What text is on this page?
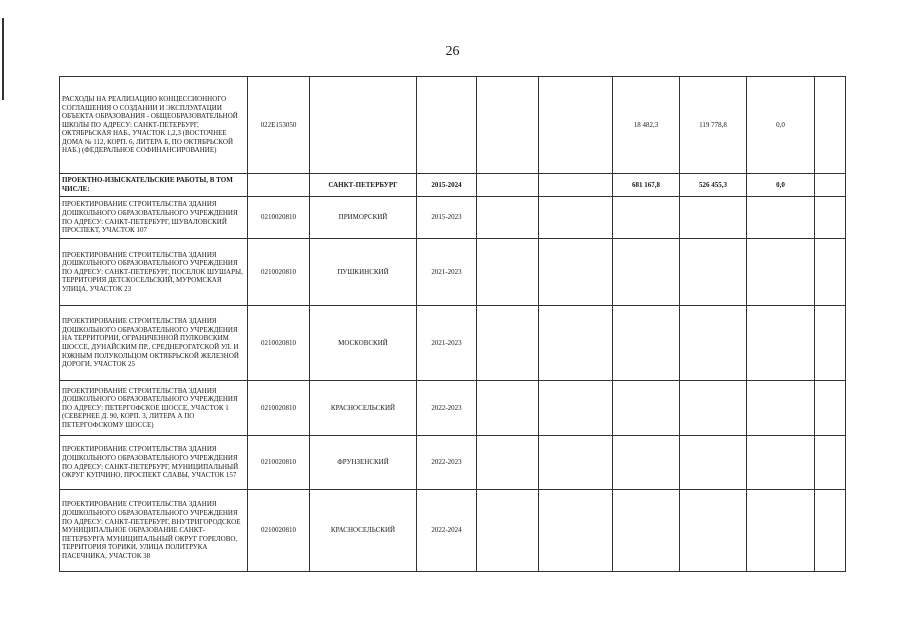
26
РАСХОДЫ НА РЕАЛИЗАЦИЮ КОНЦЕССИОННОГО СОГЛАШЕНИЯ О СОЗДАНИИ И ЭКСПЛУАТАЦИИ ОБЪЕКТА ОБРАЗОВАНИЯ - ОБЩЕОБРАЗОВАТЕЛЬНОЙ ШКОЛЫ ПО АДРЕСУ: САНКТ-ПЕТЕРБУРГ, ОКТЯБРЬСКАЯ НАБ., УЧАСТОК 1,2,3 (ВОСТОЧНЕЕ ДОМА № 112, КОРП. 6, ЛИТЕРА Б, ПО ОКТЯБРЬСКОЙ НАБ.) (ФЕДЕРАЛЬНОЕ СОФИНАНСИРОВАНИЕ)	022E153050					18 482,3	119 778,8	0,0	
ПРОЕКТНО-ИЗЫСКАТЕЛЬСКИЕ РАБОТЫ, В ТОМ ЧИСЛЕ:		САНКТ-ПЕТЕРБУРГ	2015-2024			681 167,8	526 455,3	0,0	
ПРОЕКТИРОВАНИЕ СТРОИТЕЛЬСТВА ЗДАНИЯ ДОШКОЛЬНОГО ОБРАЗОВАТЕЛЬНОГО УЧРЕЖДЕНИЯ ПО АДРЕСУ: САНКТ-ПЕТЕРБУРГ, ШУВАЛОВСКИЙ ПРОСПЕКТ, УЧАСТОК 107	0210020810	ПРИМОРСКИЙ	2015-2023						
ПРОЕКТИРОВАНИЕ СТРОИТЕЛЬСТВА ЗДАНИЯ ДОШКОЛЬНОГО ОБРАЗОВАТЕЛЬНОГО УЧРЕЖДЕНИЯ ПО АДРЕСУ: САНКТ-ПЕТЕРБУРГ, ПОСЕЛОК ШУШАРЫ, ТЕРРИТОРИЯ ДЕТСКОСЕЛЬСКИЙ, МУРОМСКАЯ УЛИЦА, УЧАСТОК 23	0210020810	ПУШКИНСКИЙ	2021-2023						
ПРОЕКТИРОВАНИЕ СТРОИТЕЛЬСТВА ЗДАНИЯ ДОШКОЛЬНОГО ОБРАЗОВАТЕЛЬНОГО УЧРЕЖДЕНИЯ НА ТЕРРИТОРИИ, ОГРАНИЧЕННОЙ ПУЛКОВСКИМ ШОССЕ, ДУНАЙСКИМ ПР., СРЕДНЕРОГАТСКОЙ УЛ. И ЮЖНЫМ ПОЛУКОЛЬЦОМ ОКТЯБРЬСКОЙ ЖЕЛЕЗНОЙ ДОРОГИ, УЧАСТОК 25	0210020810	МОСКОВСКИЙ	2021-2023						
ПРОЕКТИРОВАНИЕ СТРОИТЕЛЬСТВА ЗДАНИЯ ДОШКОЛЬНОГО ОБРАЗОВАТЕЛЬНОГО УЧРЕЖДЕНИЯ ПО АДРЕСУ: ПЕТЕРГОФСКОЕ ШОССЕ, УЧАСТОК 1 (СЕВЕРНЕЕ Д. 90, КОРП. 3, ЛИТЕРА А ПО ПЕТЕРГОФСКОМУ ШОССЕ)	0210020810	КРАСНОСЕЛЬСКИЙ	2022-2023						
ПРОЕКТИРОВАНИЕ СТРОИТЕЛЬСТВА ЗДАНИЯ ДОШКОЛЬНОГО ОБРАЗОВАТЕЛЬНОГО УЧРЕЖДЕНИЯ ПО АДРЕСУ: САНКТ-ПЕТЕРБУРГ, МУНИЦИПАЛЬНЫЙ ОКРУГ КУПЧИНО, ПРОСПЕКТ СЛАВЫ, УЧАСТОК 157	0210020810	ФРУНЗЕНСКИЙ	2022-2023						
ПРОЕКТИРОВАНИЕ СТРОИТЕЛЬСТВА ЗДАНИЯ ДОШКОЛЬНОГО ОБРАЗОВАТЕЛЬНОГО УЧРЕЖДЕНИЯ ПО АДРЕСУ: САНКТ-ПЕТЕРБУРГ, ВНУТРИГОРОДСКОЕ МУНИЦИПАЛЬНОЕ ОБРАЗОВАНИЕ САНКТ-ПЕТЕРБУРГА МУНИЦИПАЛЬНЫЙ ОКРУГ ГОРЕЛОВО, ТЕРРИТОРИЯ ТОРИКИ, УЛИЦА ПОЛИТРУКА ПАСЕЧНИКА, УЧАСТОК 38	0210020810	КРАСНОСЕЛЬСКИЙ	2022-2024						
